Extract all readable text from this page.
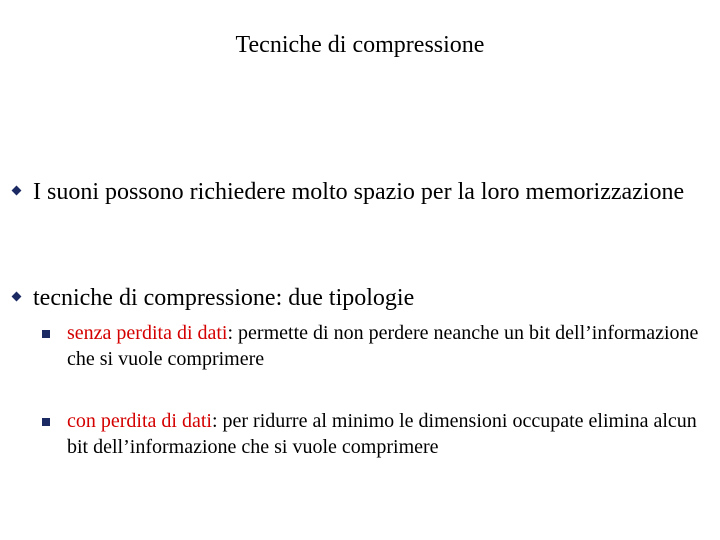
Tecniche di compressione
I suoni possono richiedere molto spazio per la loro memorizzazione
tecniche di compressione: due tipologie
senza perdita di dati: permette di non perdere neanche un bit dell’informazione che si vuole comprimere
con perdita di dati: per ridurre al minimo le dimensioni occupate elimina alcun bit dell’informazione che si vuole comprimere
